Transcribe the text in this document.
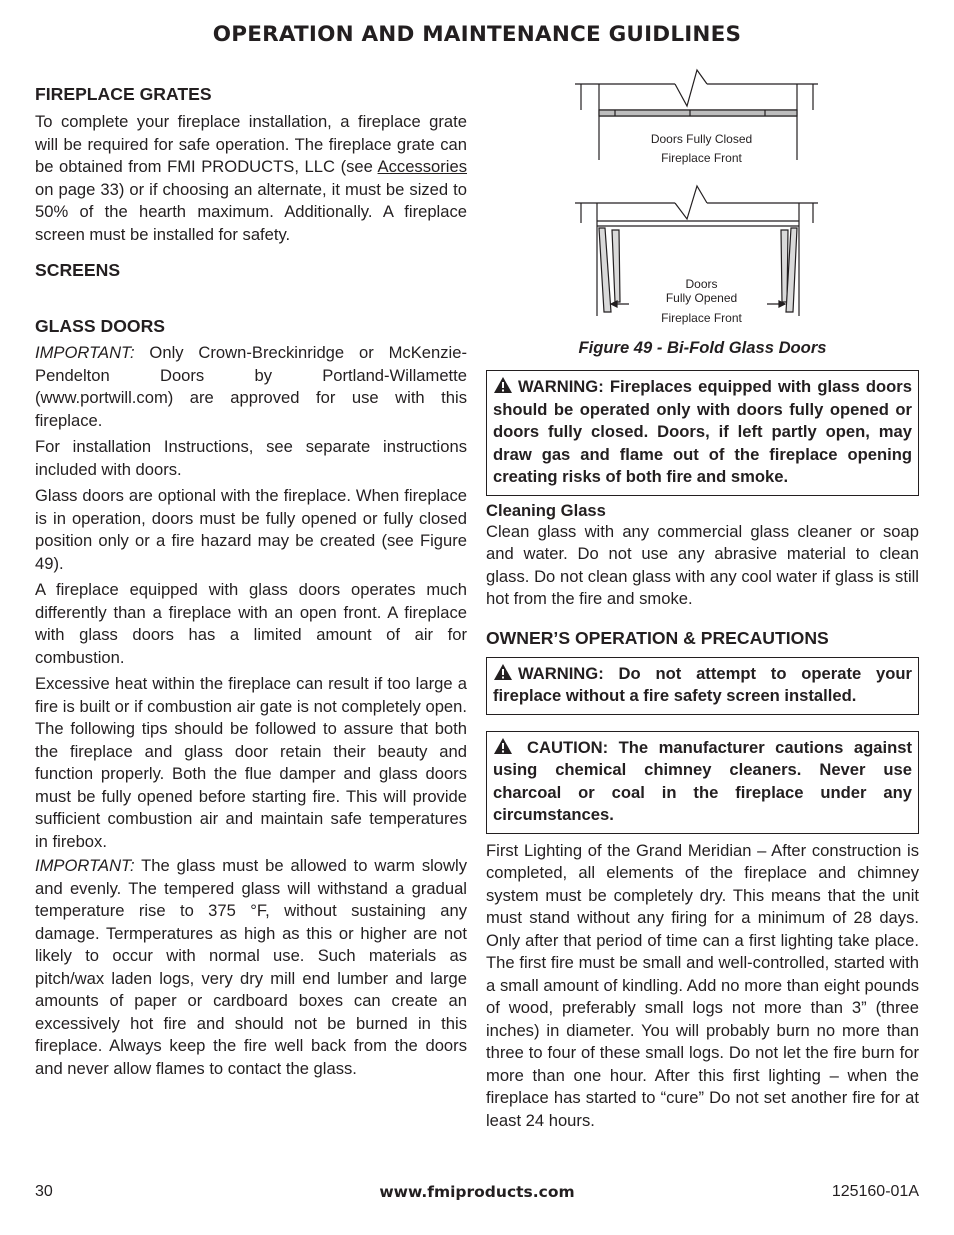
OPERATION AND MAINTENANCE GUIDLINES
FIREPLACE GRATES

To complete your fireplace installation, a fireplace grate will be required for safe operation. The fireplace grate can be obtained from FMI PRODUCTS, LLC (see Accessories on page 33) or if choosing an alternate, it must be sized to 50% of the hearth maximum. Additionally. A fireplace screen must be installed for safety.

SCREENS
GLASS DOORS

IMPORTANT: Only Crown-Breckinridge or McKenzie-Pendelton Doors by Portland-Willamette (www.portwill.com) are approved for use with this fireplace.

For installation Instructions, see separate instructions included with doors.

Glass doors are optional with the fireplace. When fireplace is in operation, doors must be fully opened or fully closed position only or a fire hazard may be created (see Figure 49).

A fireplace equipped with glass doors operates much differently than a fireplace with an open front. A fireplace with glass doors has a limited amount of air for combustion.

Excessive heat within the fireplace can result if too large a fire is built or if combustion air gate is not completely open. The following tips should be followed to assure that both the fireplace and glass door retain their beauty and function properly. Both the flue damper and glass doors must be fully opened before starting fire. This will provide sufficient combustion air and maintain safe temperatures in firebox.

IMPORTANT: The glass must be allowed to warm slowly and evenly. The tempered glass will withstand a gradual temperature rise to 375 °F, without sustaining any damage. Termperatures as high as this or higher are not likely to occur with normal use. Such materials as pitch/wax laden logs, very dry mill end lumber and large amounts of paper or cardboard boxes can create an excessively hot fire and should not be burned in this fireplace. Always keep the fire well back from the doors and never allow flames to contact the glass.

Doors Fully Closed
Fireplace Front
Doors
Fully Opened
Fireplace Front
Figure 49 - Bi-Fold Glass Doors
WARNING: Fireplaces equipped with glass doors should be operated only with doors fully opened or doors fully closed. Doors, if left partly open, may draw gas and flame out of the fireplace opening creating risks of both fire and smoke.
Cleaning Glass

Clean glass with any commercial glass cleaner or soap and water. Do not use any abrasive material to clean glass. Do not clean glass with any cool water if glass is still hot from the fire and smoke.

OWNER’S OPERATION & PRECAUTIONS
WARNING: Do not attempt to operate your fireplace without a fire safety screen installed.
CAUTION: The manufacturer cautions against using chemical chimney cleaners. Never use charcoal or coal in the fireplace under any circumstances.

First Lighting of the Grand Meridian – After construction is completed, all elements of the fireplace and chimney system must be completely dry. This means that the unit must stand without any firing for a minimum of 28 days. Only after that period of time can a first lighting take place. The first fire must be small and well-controlled, started with a small amount of kindling. Add no more than eight pounds of wood, preferably small logs not more than 3” (three inches) in diameter. You will probably burn no more than three to four of these small logs. Do not let the fire burn for more than one hour. After this first lighting – when the fireplace has started to “cure” Do not set another fire for at least 24 hours.

30	www.fmiproducts.com	125160-01A
